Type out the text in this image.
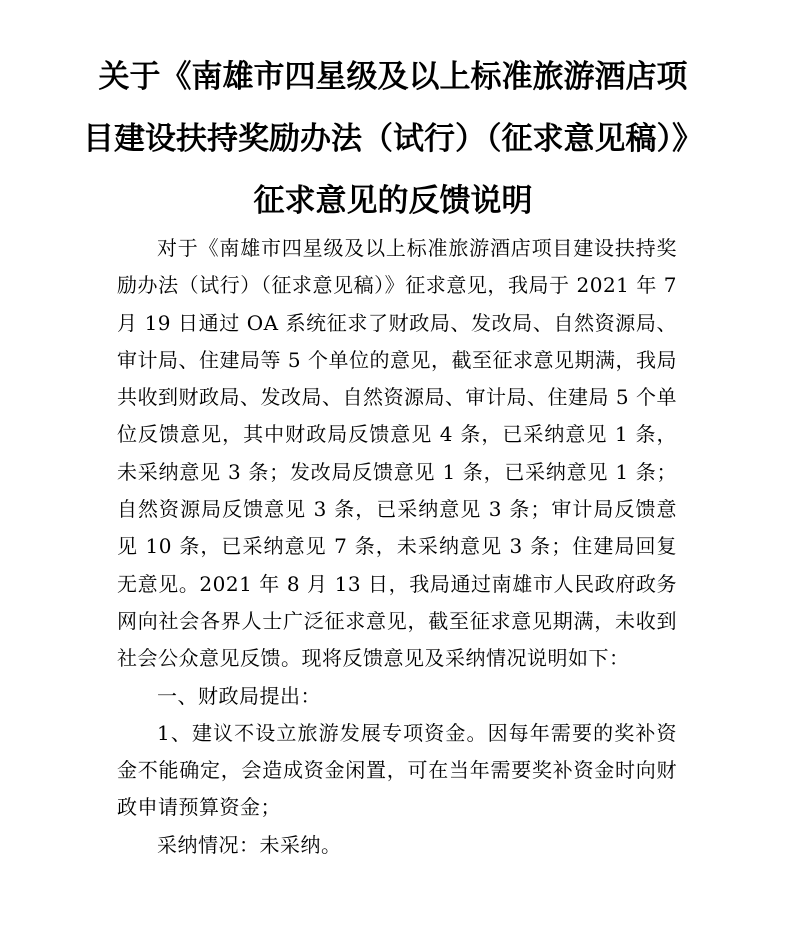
关于《南雄市四星级及以上标准旅游酒店项
目建设扶持奖励办法（试行）（征求意见稿）》
征求意见的反馈说明

对于《南雄市四星级及以上标准旅游酒店项目建设扶持奖励办法（试行）（征求意见稿）》征求意见，我局于 2021 年 7 月 19 日通过 OA 系统征求了财政局、发改局、自然资源局、审计局、住建局等 5 个单位的意见，截至征求意见期满，我局共收到财政局、发改局、自然资源局、审计局、住建局 5 个单位反馈意见，其中财政局反馈意见 4 条，已采纳意见 1 条，未采纳意见 3 条；发改局反馈意见 1 条，已采纳意见 1 条；自然资源局反馈意见 3 条，已采纳意见 3 条；审计局反馈意见 10 条，已采纳意见 7 条，未采纳意见 3 条；住建局回复无意见。2021 年 8 月 13 日，我局通过南雄市人民政府政务网向社会各界人士广泛征求意见，截至征求意见期满，未收到社会公众意见反馈。现将反馈意见及采纳情况说明如下：

一、财政局提出：

1、建议不设立旅游发展专项资金。因每年需要的奖补资金不能确定，会造成资金闲置，可在当年需要奖补资金时向财政申请预算资金；

采纳情况：未采纳。
